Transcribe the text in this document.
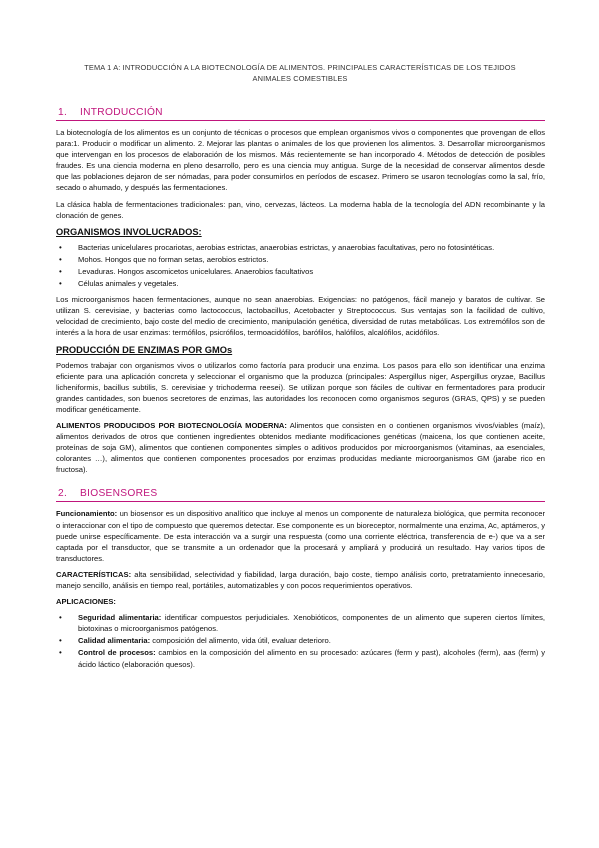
TEMA 1 A: INTRODUCCIÓN A LA BIOTECNOLOGÍA DE ALIMENTOS. PRINCIPALES CARACTERÍSTICAS DE LOS TEJIDOS ANIMALES COMESTIBLES
1.	INTRODUCCIÓN

La biotecnología de los alimentos es un conjunto de técnicas o procesos que emplean organismos vivos o componentes que provengan de ellos para:1. Producir o modificar un alimento. 2. Mejorar las plantas o animales de los que provienen los alimentos. 3. Desarrollar microorganismos que intervengan en los procesos de elaboración de los mismos. Más recientemente se han incorporado 4. Métodos de detección de posibles fraudes. Es una ciencia moderna en pleno desarrollo, pero es una ciencia muy antigua. Surge de la necesidad de conservar alimentos desde que las poblaciones dejaron de ser nómadas, para poder consumirlos en períodos de escasez. Primero se usaron tecnologías como la sal, frío, secado o ahumado, y después las fermentaciones.

La clásica habla de fermentaciones tradicionales: pan, vino, cervezas, lácteos. La moderna habla de la tecnología del ADN recombinante y la clonación de genes.

ORGANISMOS INVOLUCRADOS:
• Bacterias unicelulares procariotas, aerobias estrictas, anaerobias estrictas, y anaerobias facultativas, pero no fotosintéticas.
• Mohos. Hongos que no forman setas, aerobios estrictos.
• Levaduras. Hongos ascomicetos unicelulares. Anaerobios facultativos
• Células animales y vegetales.

Los microorganismos hacen fermentaciones, aunque no sean anaerobias. Exigencias: no patógenos, fácil manejo y baratos de cultivar. Se utilizan S. cerevisiae, y bacterias como lactococcus, lactobacillus, Acetobacter y Streptococcus. Sus ventajas son la facilidad de cultivo, velocidad de crecimiento, bajo coste del medio de crecimiento, manipulación genética, diversidad de rutas metabólicas. Los extremófilos son de interés a la hora de usar enzimas: termófilos, psicrófilos, termoacidófilos, barófilos, halófilos, alcalófilos, acidófilos.

PRODUCCIÓN DE ENZIMAS POR GMOs

Podemos trabajar con organismos vivos o utilizarlos como factoría para producir una enzima. Los pasos para ello son identificar una enzima eficiente para una aplicación concreta y seleccionar el organismo que la produzca (principales: Aspergillus niger, Aspergillus oryzae, Bacillus licheniformis, bacillus subtilis, S. cerevisiae y trichoderma reesei). Se utilizan porque son fáciles de cultivar en fermentadores para producir grandes cantidades, son buenos secretores de enzimas, las autoridades los reconocen como organismos seguros (GRAS, QPS) y se pueden modificar genéticamente.

ALIMENTOS PRODUCIDOS POR BIOTECNOLOGÍA MODERNA: Alimentos que consisten en o contienen organismos vivos/viables (maíz), alimentos derivados de otros que contienen ingredientes obtenidos mediante modificaciones genéticas (maicena, los que contienen aceite, proteínas de soja GM), alimentos que contienen componentes simples o aditivos producidos por microorganismos (vitaminas, aa esenciales, colorantes …), alimentos que contienen componentes procesados por enzimas producidas mediante microorganismos GM (jarabe rico en fructosa).

2.	BIOSENSORES

Funcionamiento: un biosensor es un dispositivo analítico que incluye al menos un componente de naturaleza biológica, que permita reconocer o interaccionar con el tipo de compuesto que queremos detectar. Ese componente es un bioreceptor, normalmente una enzima, Ac, aptámeros, y puede unirse específicamente. De esta interacción va a surgir una respuesta (como una corriente eléctrica, transferencia de e-) que va a ser captada por el transductor, que se transmite a un ordenador que la procesará y ampliará y producirá un resultado. Hay varios tipos de transductores.

CARACTERÍSTICAS: alta sensibilidad, selectividad y fiabilidad, larga duración, bajo coste, tiempo análisis corto, pretratamiento innecesario, manejo sencillo, análisis en tiempo real, portátiles, automatizables y con pocos requerimientos operativos.

APLICACIONES:

• Seguridad alimentaria: identificar compuestos perjudiciales. Xenobióticos, componentes de un alimento que superen ciertos límites, biotoxinas o microorganismos patógenos.
• Calidad alimentaria: composición del alimento, vida útil, evaluar deterioro.
• Control de procesos: cambios en la composición del alimento en su procesado: azúcares (ferm y past), alcoholes (ferm), aas (ferm) y ácido láctico (elaboración quesos).
